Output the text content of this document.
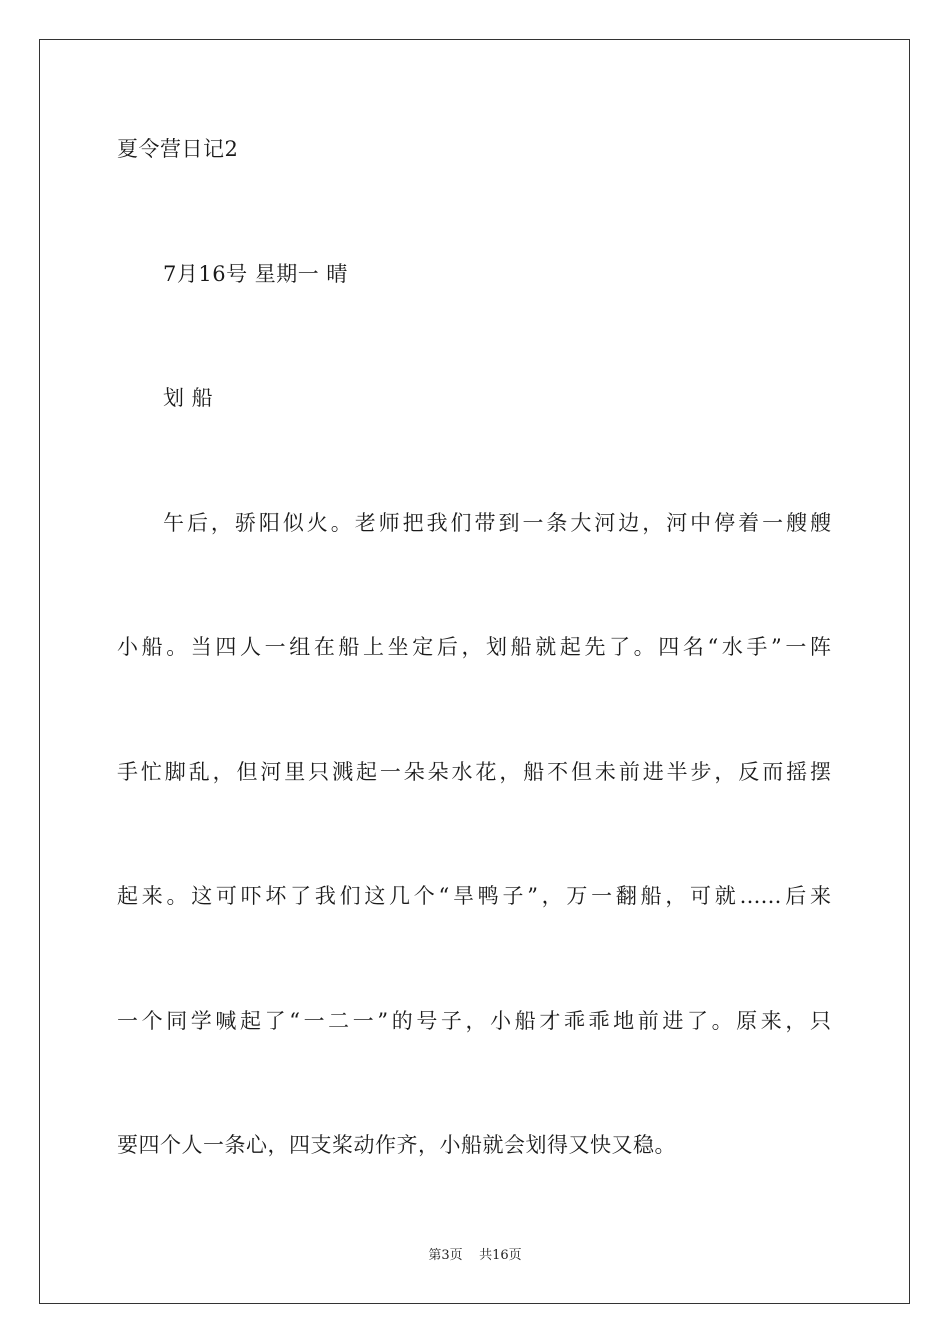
夏令营日记2
7月16号 星期一 晴
划 船
午后，骄阳似火。老师把我们带到一条大河边，河中停着一艘艘
小船。当四人一组在船上坐定后，划船就起先了。四名“水手”一阵
手忙脚乱，但河里只溅起一朵朵水花，船不但未前进半步，反而摇摆
起来。这可吓坏了我们这几个“旱鸭子”，万一翻船，可就……后来
一个同学喊起了“一二一”的号子，小船才乖乖地前进了。原来，只
要四个人一条心，四支桨动作齐，小船就会划得又快又稳。
第3页 共16页
